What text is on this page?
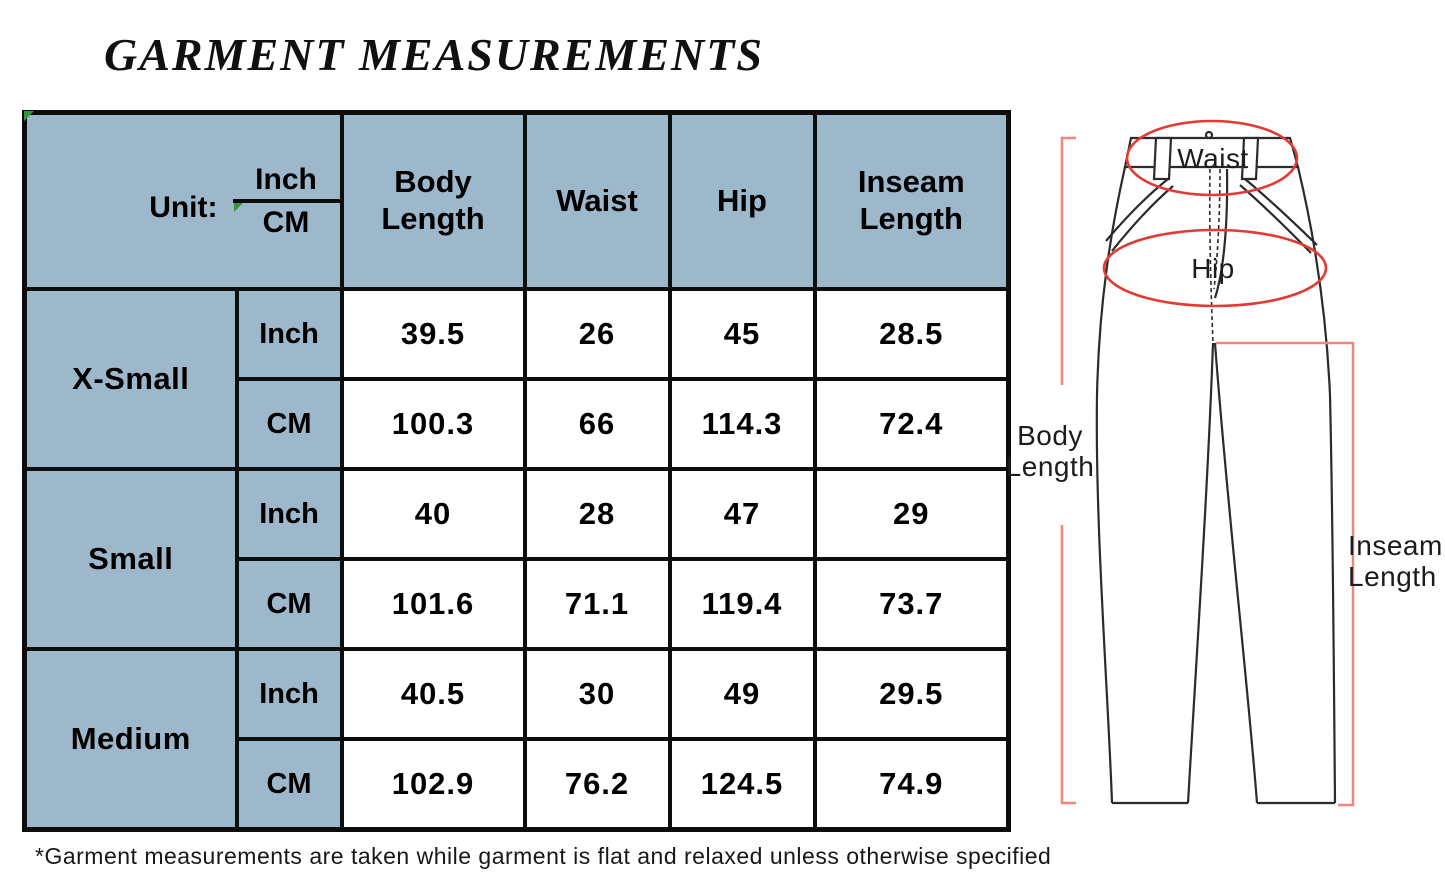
GARMENT MEASUREMENTS
Unit: $\frac{\text{Inch}}{CM}$		Body Length	Waist	Hip	Inseam Length
X-Small	Inch	39.5	26	45	28.5
	CM	100.3	66	114.3	72.4
Small	Inch	40	28	47	29
	CM	101.6	71.1	119.4	73.7
Medium	Inch	40.5	30	49	29.5
	CM	102.9	76.2	124.5	74.9
Waist
Hip
Body Length
Inseam Length
*Garment measurements are taken while garment is flat and relaxed unless otherwise specified
